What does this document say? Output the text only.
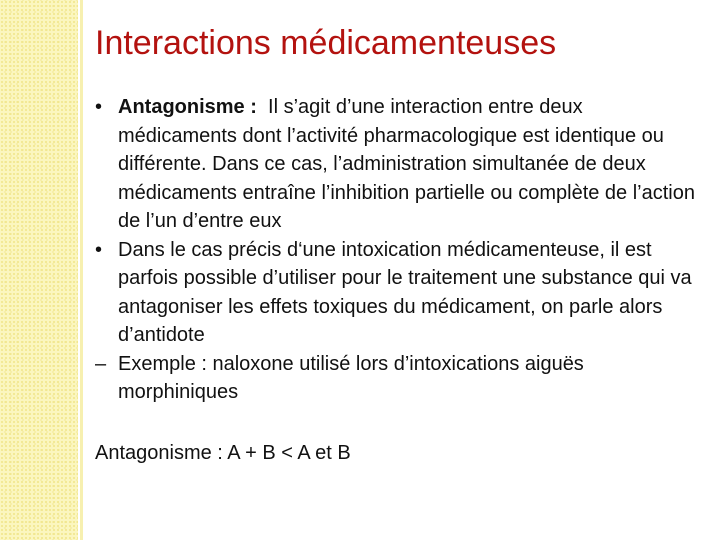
Interactions médicamenteuses

• Antagonisme : Il s’agit d’une interaction entre deux médicaments dont l’activité pharmacologique est identique ou différente. Dans ce cas, l’administration simultanée de deux médicaments entraîne l’inhibition partielle ou complète de l’action de l’un d’entre eux

• Dans le cas précis d‘une intoxication médicamenteuse, il est parfois possible d’utiliser pour le traitement une substance qui va antagoniser les effets toxiques du médicament, on parle alors d’antidote

– Exemple : naloxone utilisé lors d’intoxications aiguës morphiniques

Antagonisme : A + B < A et B
